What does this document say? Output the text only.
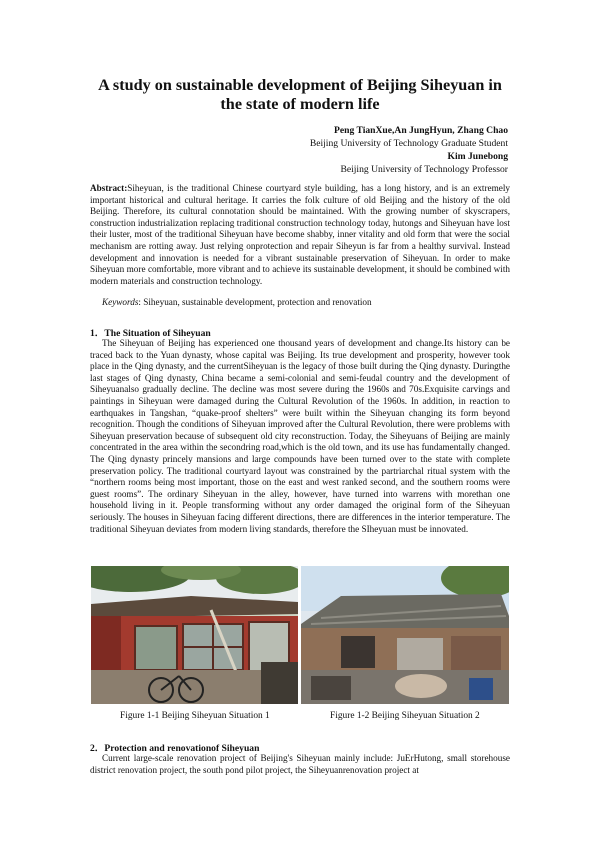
A study on sustainable development of Beijing Siheyuan in the state of modern life
Peng TianXue,An JungHyun, Zhang Chao
Beijing University of Technology Graduate Student
Kim Junebong
Beijing University of Technology Professor
Abstract:Siheyuan, is the traditional Chinese courtyard style building, has a long history, and is an extremely important historical and cultural heritage. It carries the folk culture of old Beijing and the history of the old Beijing. Therefore, its cultural connotation should be maintained. With the growing number of skyscrapers, construction industrialization replacing traditional construction technology today, hutongs and Siheyuan have lost their luster, most of the traditional Siheyuan have become shabby, inner vitality and old form that were the social mechanism are rotting away. Just relying onprotection and repair Siheyun is far from a healthy survival. Instead development and innovation is needed for a vibrant sustainable preservation of Siheyuan. In order to make Siheyuan more comfortable, more vibrant and to achieve its sustainable development, it should be combined with modern materials and construction technology.
Keywords: Siheyuan, sustainable development, protection and renovation
1．The Situation of Siheyuan
The Siheyuan of Beijing has experienced one thousand years of development and change.Its history can be traced back to the Yuan dynasty, whose capital was Beijing. Its true development and prosperity, however took place in the Qing dynasty, and the currentSiheyuan is the legacy of those built during the Qing dynasty. Duringthe last stages of Qing dynasty, China became a semi-colonial and semi-feudal country and the development of Siheyuanalso gradually decline. The decline was most severe during the 1960s and 70s.Exquisite carvings and paintings in Siheyuan were damaged during the Cultural Revolution of the 1960s. In addition, in reaction to earthquakes in Tangshan, “quake-proof shelters” were built within the Siheyuan changing its form beyond recognition. Though the conditions of Siheyuan improved after the Cultural Revolution, there were problems with Siheyuan preservation because of subsequent old city reconstruction. Today, the Siheyuans of Beijing are mainly concentrated in the area within the secondring road,which is the old town, and its use has fundamentally changed. The Qing dynasty princely mansions and large compounds have been turned over to the state with complete preservation policy. The traditional courtyard layout was constrained by the partriarchal ritual system with the “northern rooms being most important, those on the east and west ranked second, and the southern rooms were guest rooms”. The ordinary Siheyuan in the alley, however, have turned into warrens with morethan one household living in it. People transforming without any order damaged the original form of the Siheyuan seriously. The houses in Siheyuan facing different directions, there are differences in the interior temperature. The traditional Siheyuan deviates from modern living standards, therefore the SIheyuan must be innovated.
Figure 1-1 Beijing Siheyuan Situation 1	Figure 1-2 Beijing Siheyuan Situation 2
2．Protection and renovationof Siheyuan
Current large-scale renovation project of Beijing's Siheyuan mainly include: JuErHutong, small storehouse district renovation project, the south pond pilot project, the Siheyuanrenovation project at
